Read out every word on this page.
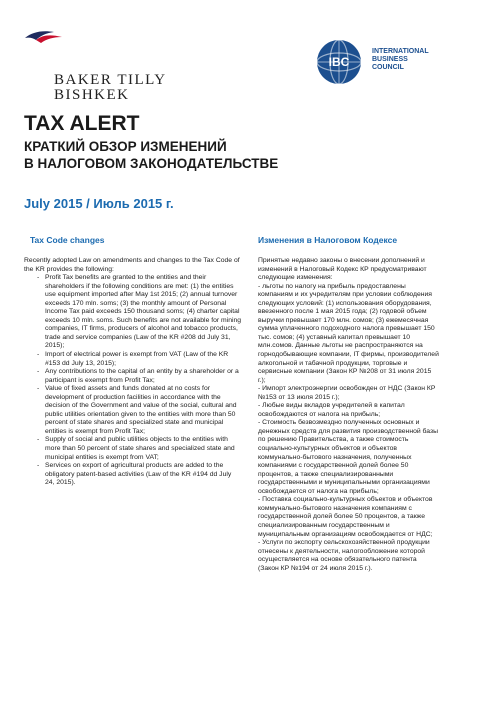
BAKER TILLY
BISHKEK
IBC
INTERNATIONAL
BUSINESS
COUNCIL
TAX ALERT
КРАТКИЙ ОБЗОР ИЗМЕНЕНИЙ
В НАЛОГОВОМ ЗАКОНОДАТЕЛЬСТВЕ
July 2015 / Июль 2015 г.
Tax Code changes	Изменения в Налоговом Кодексе

Recently adopted Law on amendments and changes to the Tax Code of the KR provides the following:

- Profit Tax benefits are granted to the entities and their shareholders if the following conditions are met: (1) the entities use equipment imported after May 1st 2015; (2) annual turnover exceeds 170 mln. soms; (3) the monthly amount of Personal Income Tax paid exceeds 150 thousand soms; (4) charter capital exceeds 10 mln. soms. Such benefits are not available for mining companies, IT firms, producers of alcohol and tobacco products, trade and service companies (Law of the KR #208 dd July 31, 2015);
- Import of electrical power is exempt from VAT (Law of the KR #153 dd July 13, 2015);
- Any contributions to the capital of an entity by a shareholder or a participant is exempt from Profit Tax;
- Value of fixed assets and funds donated at no costs for development of production facilities in accordance with the decision of the Government and value of the social, cultural and public utilities orientation given to the entities with more than 50 percent of state shares and specialized state and municipal entities is exempt from Profit Tax;
- Supply of social and public utilities objects to the entities with more than 50 percent of state shares and specialized state and municipal entities is exempt from VAT;
- Services on export of agricultural products are added to the obligatory patent-based activities (Law of the KR #194 dd July 24, 2015).
Принятые недавно законы о внесении дополнений и
изменений в Налоговый Кодекс КР предусматривают
следующие изменения:
- льготы по налогу на прибыль предоставлены
компаниям и их учредителям при условии соблюдения
следующих условий: (1) использования оборудования,
ввезенного после 1 мая 2015 года; (2) годовой объем
выручки превышает 170 млн. сомов; (3) ежемесячная
сумма уплаченного подоходного налога превышает 150
тыс. сомов; (4) уставный капитал превышает 10
млн.сомов. Данные льготы не распространяются на
горнодобывающие компании, IT фирмы, производителей
алкогольной и табачной продукции, торговые и
сервисные компании (Закон КР №208 от 31 июля 2015
г.);
- Импорт электроэнергии освобожден от НДС (Закон КР
№153 от 13 июля 2015 г.);
- Любые виды вкладов учредителей в капитал
освобождаются от налога на прибыль;
- Стоимость безвозмездно полученных основных и
денежных средств для развития производственной базы
по решению Правительства, а также стоимость
социально-культурных объектов и объектов
коммунально-бытового назначения, полученных
компаниями с государственной долей более 50
процентов, а также специализированными
государственными и муниципальными организациями
освобождается от налога на прибыль;
- Поставка социально-культурных объектов и объектов
коммунально-бытового назначения компаниям с
государственной долей более 50 процентов, а также
специализированным государственным и
муниципальным организациям освобождается от НДС;
- Услуги по экспорту сельскохозяйственной продукции
отнесены к деятельности, налогообложение которой
осуществляется на основе обязательного патента
(Закон КР №194 от 24 июля 2015 г.).
